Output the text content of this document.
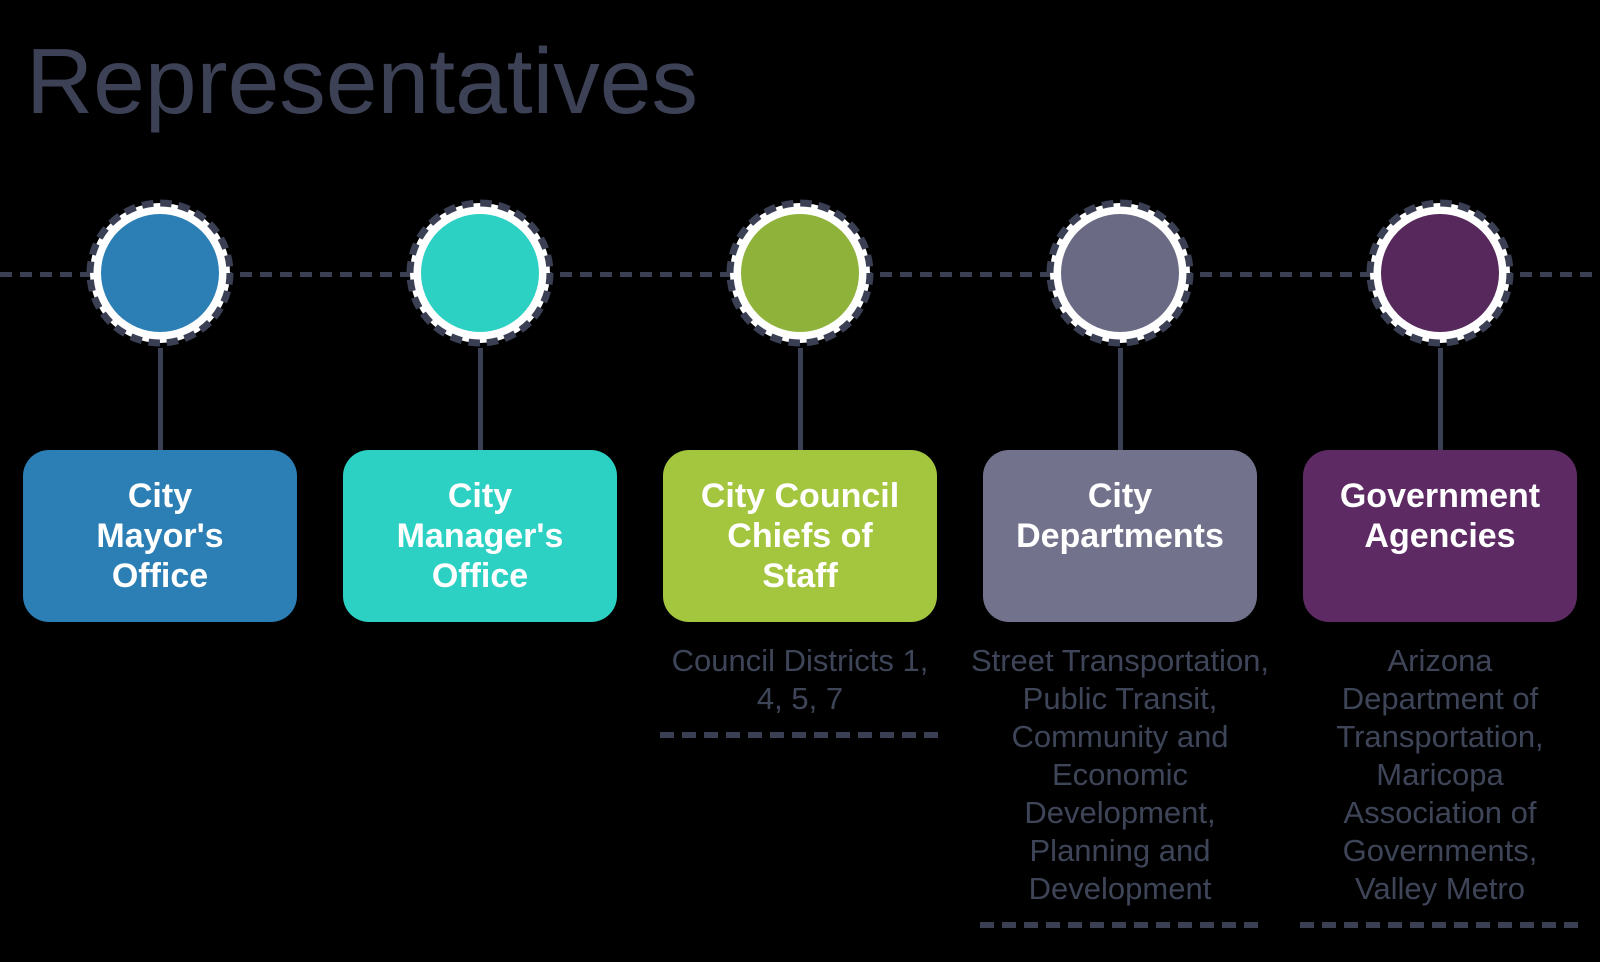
Representatives
City
Mayor's
Office
City
Manager's
Office
City Council
Chiefs of
Staff
Council Districts 1,
4, 5, 7
City
Departments
Street Transportation,
Public Transit,
Community and
Economic
Development,
Planning and
Development
Government
Agencies
Arizona
Department of
Transportation,
Maricopa
Association of
Governments,
Valley Metro
